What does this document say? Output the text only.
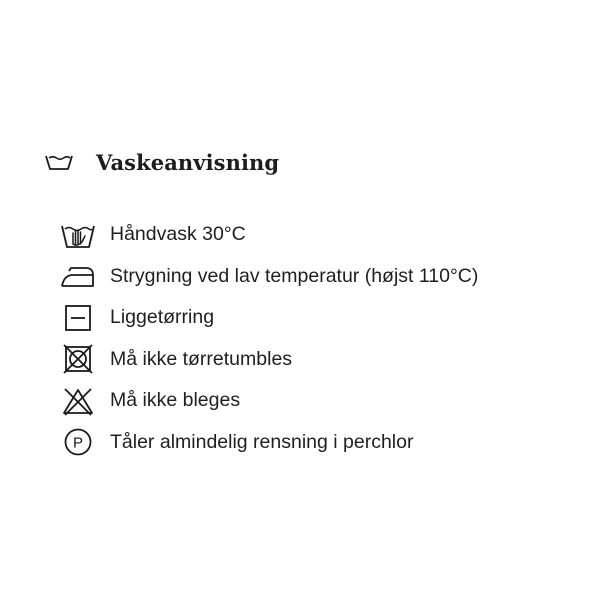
Vaskeanvisning
Håndvask 30°C
Strygning ved lav temperatur (højst 110°C)
Liggetørring
Må ikke tørretumbles
Må ikke bleges
P Tåler almindelig rensning i perchlor
